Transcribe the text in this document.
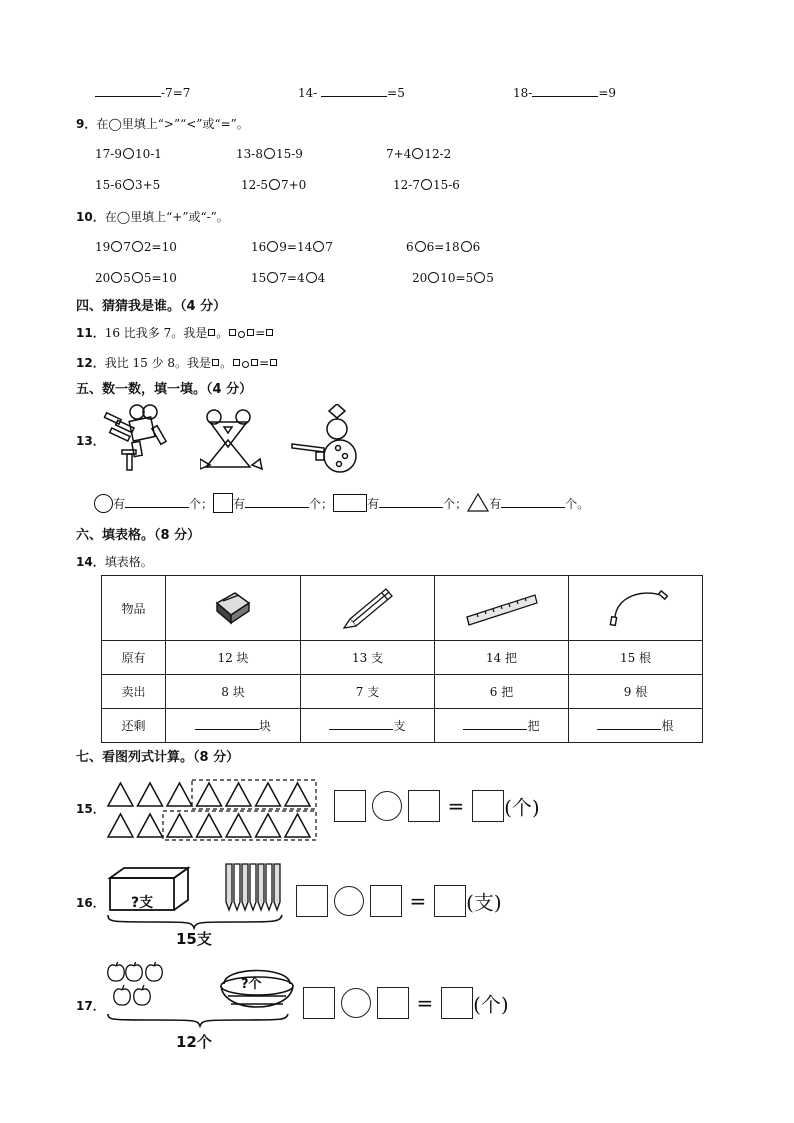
-7=7	14-	=5	18-	=9
9．在◯里填上“>”“<”或“=”。
17-9 10-1	13-8 15-9	7+4 12-2
15-6 3+5	12-5 7+0	12-7 15-6
10．在◯里填上“+”或“-”。
19 7 2=10	16 9=14 7	6 6=18 6
20 5 5=10	15 7=4 4	20 10=5 5
四、猜猜我是谁。（4 分）
11．16 比我多 7。我是 。 =
12．我比 15 少 8。我是 。 =
五、数一数，填一填。（4 分）
13．
有	个； 有	个；	有	个； 有	个。
六、填表格。（8 分）
14．填表格。
物品				
原有	12 块	13 支	14 把	15 根
卖出	8 块	7 支	6 把	9 根
还剩	块	支	把	根
七、看图列式计算。（8 分）
15．	= (个)
16． ?支
15支
= (支)
17．
?个
12个
= (个)
